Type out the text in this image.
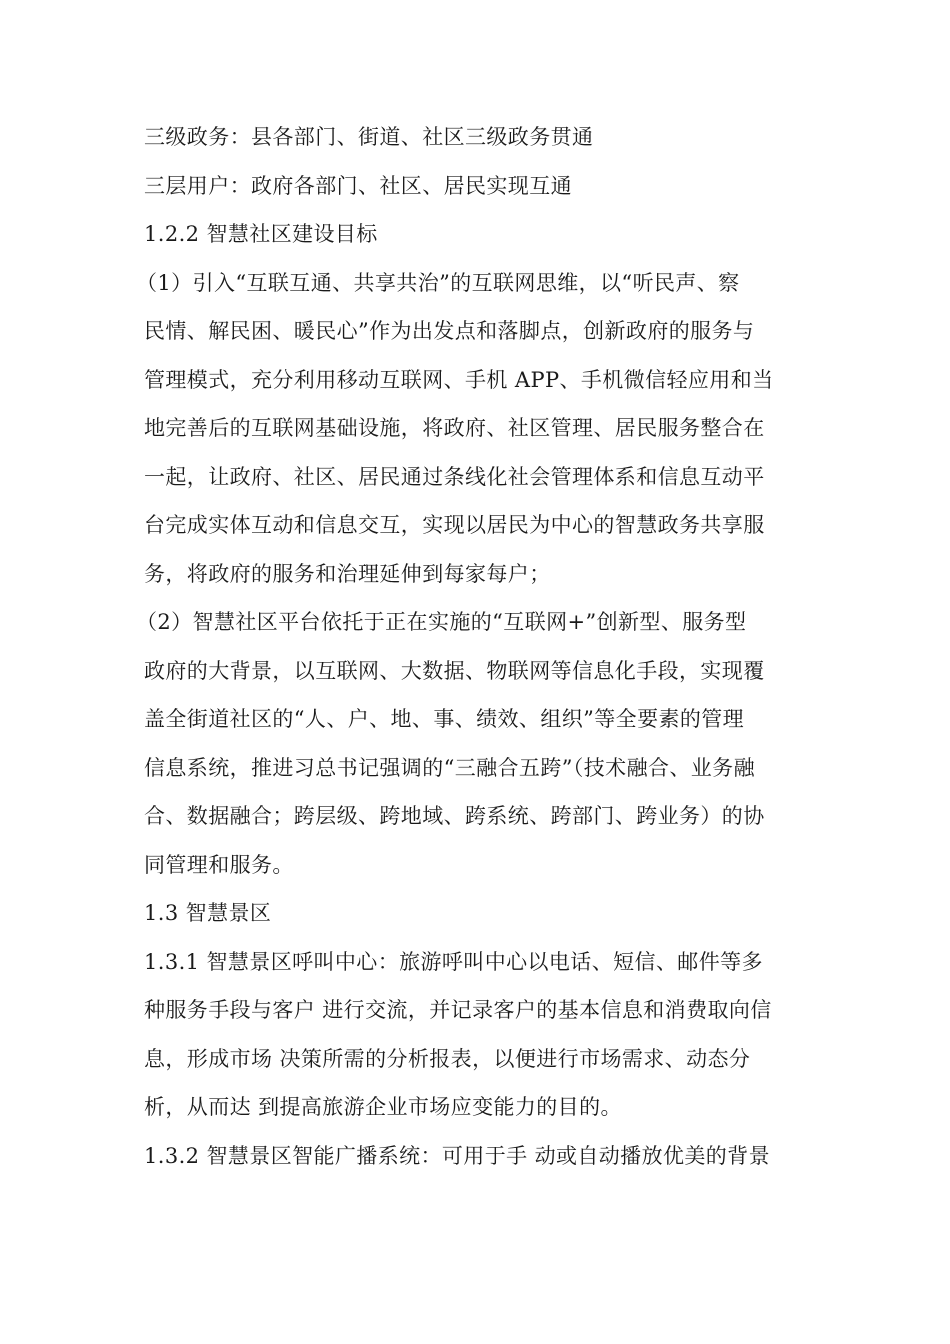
三级政务：县各部门、街道、社区三级政务贯通
三层用户：政府各部门、社区、居民实现互通
1.2.2 智慧社区建设目标
（1）引入“互联互通、共享共治”的互联网思维，以“听民声、察
民情、解民困、暖民心”作为出发点和落脚点，创新政府的服务与
管理模式，充分利用移动互联网、手机 APP、手机微信轻应用和当
地完善后的互联网基础设施，将政府、社区管理、居民服务整合在
一起，让政府、社区、居民通过条线化社会管理体系和信息互动平
台完成实体互动和信息交互，实现以居民为中心的智慧政务共享服
务，将政府的服务和治理延伸到每家每户；
（2）智慧社区平台依托于正在实施的“互联网+”创新型、服务型
政府的大背景，以互联网、大数据、物联网等信息化手段，实现覆
盖全街道社区的“人、户、地、事、绩效、组织”等全要素的管理
信息系统，推进习总书记强调的“三融合五跨”（技术融合、业务融
合、数据融合；跨层级、跨地域、跨系统、跨部门、跨业务）的协
同管理和服务。
1.3 智慧景区
1.3.1 智慧景区呼叫中心：旅游呼叫中心以电话、短信、邮件等多
种服务手段与客户 进行交流，并记录客户的基本信息和消费取向信
息，形成市场 决策所需的分析报表，以便进行市场需求、动态分
析，从而达 到提高旅游企业市场应变能力的目的。
1.3.2 智慧景区智能广播系统：可用于手 动或自动播放优美的背景
